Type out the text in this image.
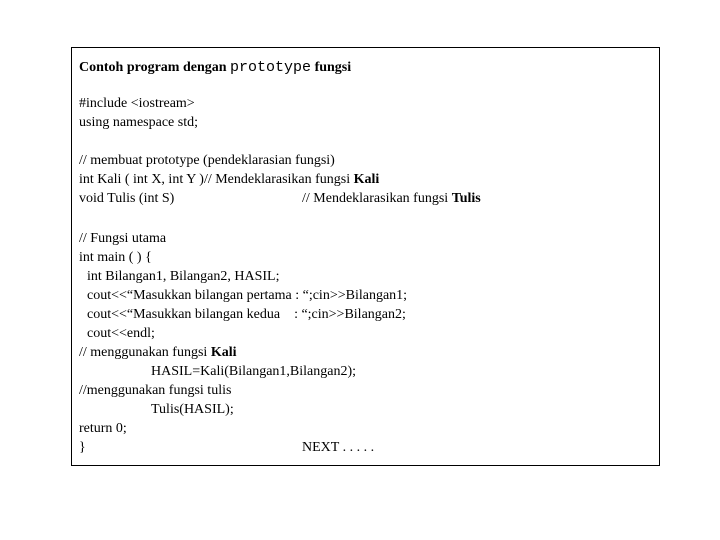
Contoh program dengan prototype fungsi
#include <iostream>
using namespace std;
// membuat prototype (pendeklarasian fungsi)
int Kali ( int X, int Y )// Mendeklarasikan fungsi Kali
void Tulis (int S)	// Mendeklarasikan fungsi Tulis
// Fungsi utama
int main ( ) {
int Bilangan1, Bilangan2, HASIL;
cout<<“Masukkan bilangan pertama : “;cin>>Bilangan1;
cout<<“Masukkan bilangan kedua    : “;cin>>Bilangan2;
cout<<endl;
// menggunakan fungsi Kali
HASIL=Kali(Bilangan1,Bilangan2);
//menggunakan fungsi tulis
Tulis(HASIL);
return 0;
}	NEXT . . . . .
